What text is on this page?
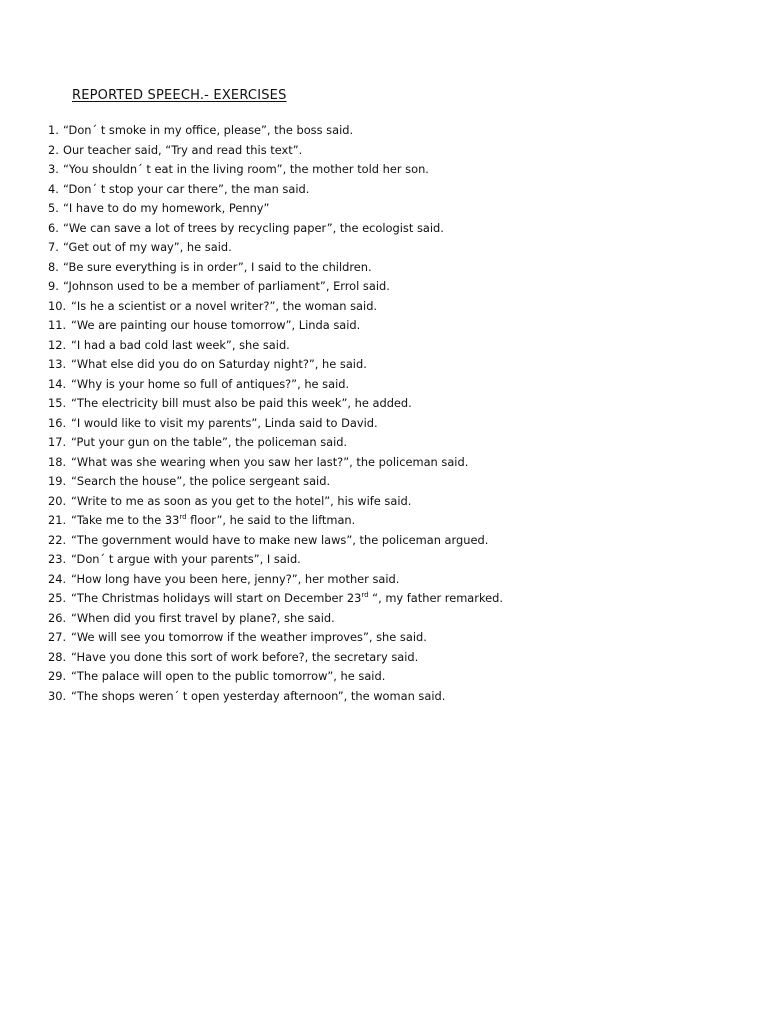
REPORTED SPEECH.- EXERCISES
1. “Don´ t smoke in my office, please”, the boss said.
2. Our teacher said, “Try and read this text”.
3. “You shouldn´ t eat in the living room”, the mother told her son.
4. “Don´ t stop your car there”, the man said.
5. “I have to do my homework, Penny”
6. “We can save a lot of trees by recycling paper”, the ecologist said.
7. “Get out of my way”, he said.
8. “Be sure everything is in order”, I said to the children.
9. “Johnson used to be a member of parliament”, Errol said.
10. “Is he a scientist or a novel writer?”, the woman said.
11. “We are painting our house tomorrow”, Linda said.
12. “I had a bad cold last week”, she said.
13. “What else did you do on Saturday night?”, he said.
14. “Why is your home so full of antiques?”, he said.
15. “The electricity bill must also be paid this week”, he added.
16. “I would like to visit my parents”, Linda said to David.
17. “Put your gun on the table”, the policeman said.
18. “What was she wearing when you saw her last?”, the policeman said.
19. “Search the house”, the police sergeant said.
20. “Write to me as soon as you get to the hotel”, his wife said.
21. “Take me to the 33rd floor”, he said to the liftman.
22. “The government would have to make new laws”, the policeman argued.
23. “Don´ t argue with your parents”, I said.
24. “How long have you been here, jenny?”, her mother said.
25. “The Christmas holidays will start on December 23rd “, my father remarked.
26. “When did you first travel by plane?, she said.
27. “We will see you tomorrow if the weather improves”, she said.
28. “Have you done this sort of work before?, the secretary said.
29. “The palace will open to the public tomorrow”, he said.
30. “The shops weren´ t open yesterday afternoon”, the woman said.
